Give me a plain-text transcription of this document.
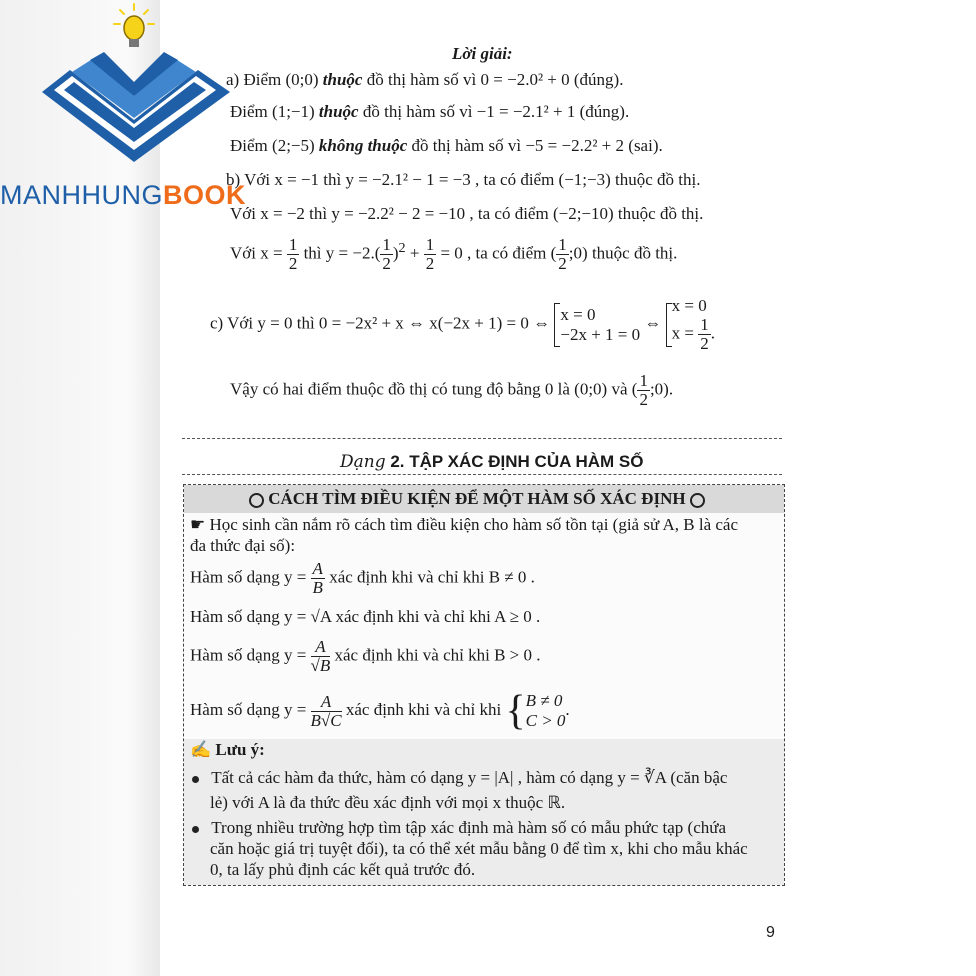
MANHHUNGBOOK
Lời giải:
a) Điểm (0;0) thuộc đồ thị hàm số vì 0 = −2.0² + 0 (đúng).
Điểm (1;−1) thuộc đồ thị hàm số vì −1 = −2.1² + 1 (đúng).
Điểm (2;−5) không thuộc đồ thị hàm số vì −5 = −2.2² + 2 (sai).
b) Với x = −1 thì y = −2.1² − 1 = −3 , ta có điểm (−1;−3) thuộc đồ thị.
Với x = −2 thì y = −2.2² − 2 = −10 , ta có điểm (−2;−10) thuộc đồ thị.
Với $x = \frac{1}{2}$ thì $y = -2.( \frac{1}{2} )^2 + \frac{1}{2} = 0$ , ta có điểm ( $\frac{1}{2}$ ;0) thuộc đồ thị.
c) Với y = 0 thì 0 = −2x² + x ⇔ x(−2x + 1) = 0 ⇔ x = 0
−2x + 1 = 0
⇔
x = 0
$x = \frac{1}{2}$ .
Vậy có hai điểm thuộc đồ thị có tung độ bằng 0 là (0;0) và ( $\frac{1}{2}$ ;0).
Dạng 2. TẬP XÁC ĐỊNH CỦA HÀM SỐ
CÁCH TÌM ĐIỀU KIỆN ĐỂ MỘT HÀM SỐ XÁC ĐỊNH
☛ Học sinh cần nắm rõ cách tìm điều kiện cho hàm số tồn tại (giả sử A, B là các
đa thức đại số):
Hàm số dạng $y = \frac{A}{B}$ xác định khi và chỉ khi B ≠ 0 .
Hàm số dạng y = √A xác định khi và chỉ khi A ≥ 0 .
Hàm số dạng $y = \frac{A}{√B}$ xác định khi và chỉ khi B > 0 .
Hàm số dạng $y = \frac{A}{B√C}$ xác định khi và chỉ khi { B ≠ 0
C > 0
.
✍ Lưu ý:
Tất cả các hàm đa thức, hàm có dạng y = |A| , hàm có dạng y = ∛A (căn bậc
lẻ) với A là đa thức đều xác định với mọi x thuộc ℝ.
Trong nhiều trường hợp tìm tập xác định mà hàm số có mẫu phức tạp (chứa
căn hoặc giá trị tuyệt đối), ta có thể xét mẫu bằng 0 để tìm x, khi cho mẫu khác
0, ta lấy phủ định các kết quả trước đó.
9
